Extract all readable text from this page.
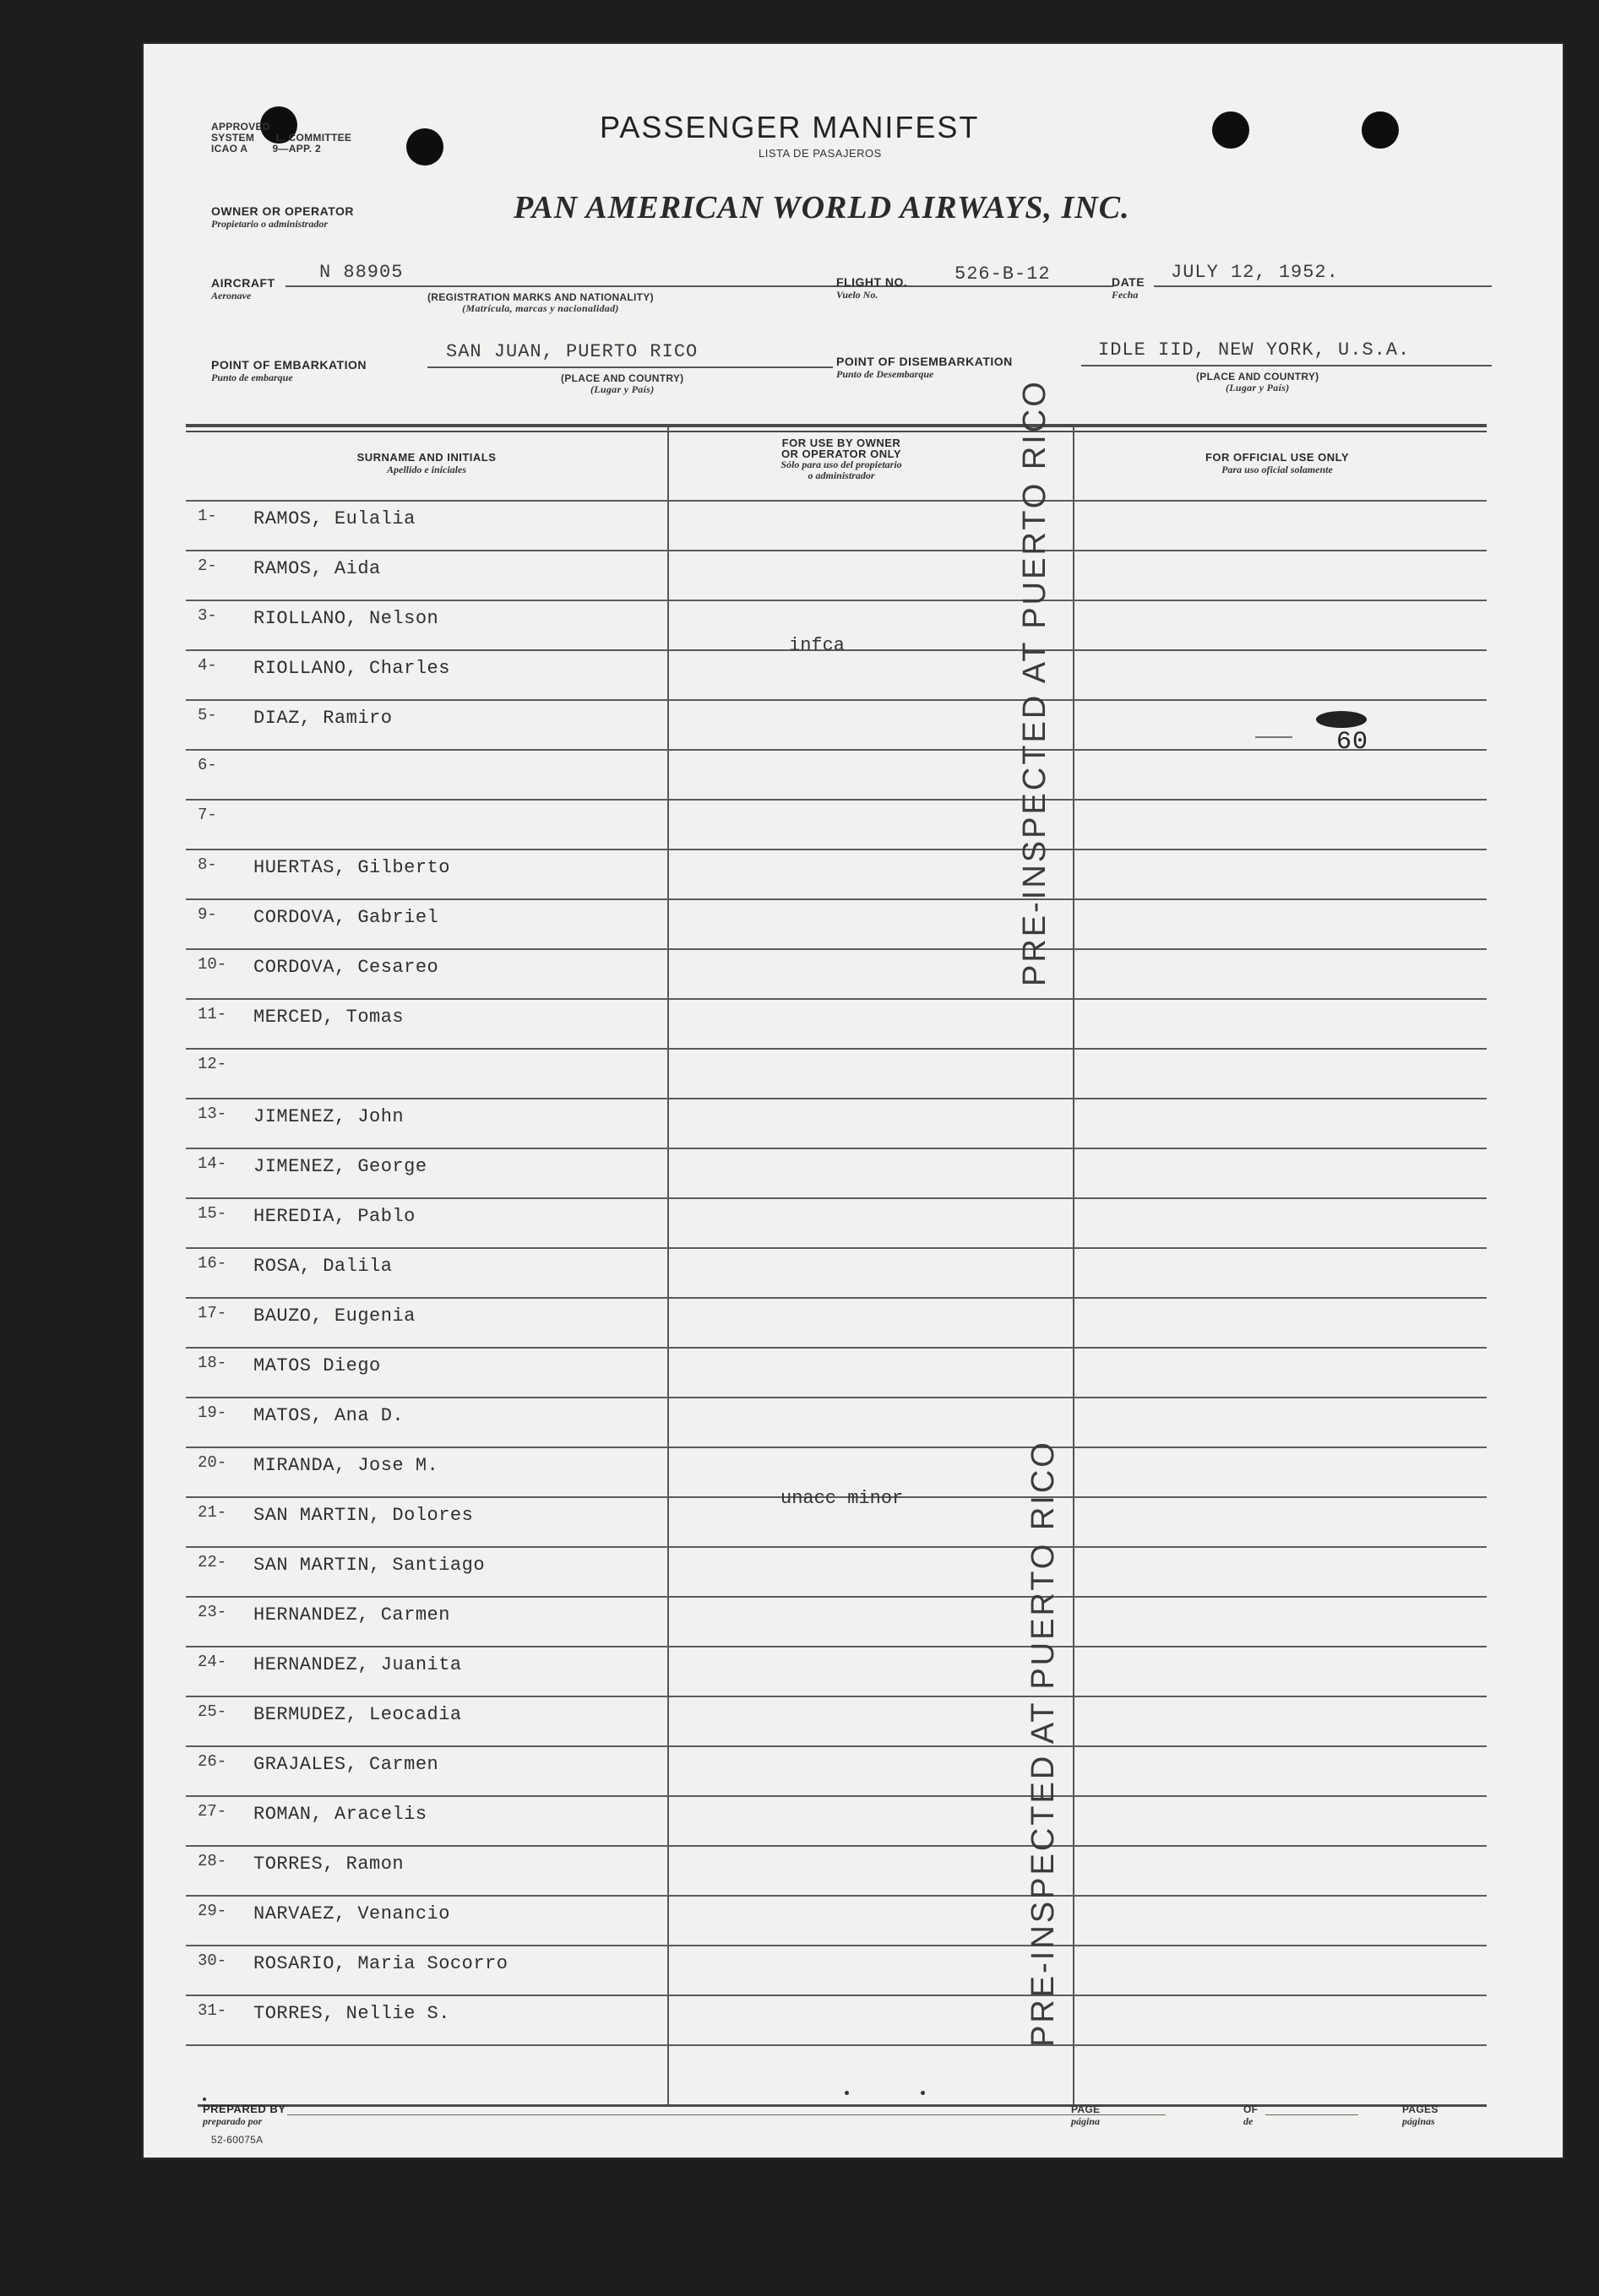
APPROVED
SYSTEM L. COMMITTEE
ICAO A 9—APP. 2
PASSENGER MANIFEST
LISTA DE PASAJEROS
OWNER OR OPERATOR
Propietario o administrador	PAN AMERICAN WORLD AIRWAYS, INC.
AIRCRAFT
Aeronave
N 88905
(REGISTRATION MARKS AND NATIONALITY)
(Matrícula, marcas y nacionalidad)
FLIGHT NO.
Vuelo No.
526-B-12	DATE
Fecha
JULY 12, 1952.
POINT OF EMBARKATION
Punto de embarque
SAN JUAN, PUERTO RICO
(PLACE AND COUNTRY)
(Lugar y País)
POINT OF DISEMBARKATION
Punto de Desembarque
IDLE IID, NEW YORK, U.S.A.
(PLACE AND COUNTRY)
(Lugar y País)
SURNAME AND INITIALS
Apellido e iniciales
FOR USE BY OWNER
OR OPERATOR ONLY
Sólo para uso del propietario
o administrador
FOR OFFICIAL USE ONLY
Para uso oficial solamente
1- RAMOS, Eulalia
2- RAMOS, Aida
3- RIOLLANO, Nelson
4- RIOLLANO, Charles
5- DIAZ, Ramiro
6-
7-
8- HUERTAS, Gilberto
9- CORDOVA, Gabriel
10- CORDOVA, Cesareo
11- MERCED, Tomas
12-
13- JIMENEZ, John
14- JIMENEZ, George
15- HEREDIA, Pablo
16- ROSA, Dalila
17- BAUZO, Eugenia
18- MATOS Diego
19- MATOS, Ana D.
20- MIRANDA, Jose M.
21- SAN MARTIN, Dolores
22- SAN MARTIN, Santiago
23- HERNANDEZ, Carmen
24- HERNANDEZ, Juanita
25- BERMUDEZ, Leocadia
26- GRAJALES, Carmen
27- ROMAN, Aracelis
28- TORRES, Ramon
29- NARVAEZ, Venancio
30- ROSARIO, Maria Socorro
31- TORRES, Nellie S.
infca
unacc minor
60
PRE-INSPECTED AT PUERTO RICO
PRE-INSPECTED AT PUERTO RICO
PREPARED BY
preparado por
PAGE
página
OF
de
PAGES
páginas
52-60075A
